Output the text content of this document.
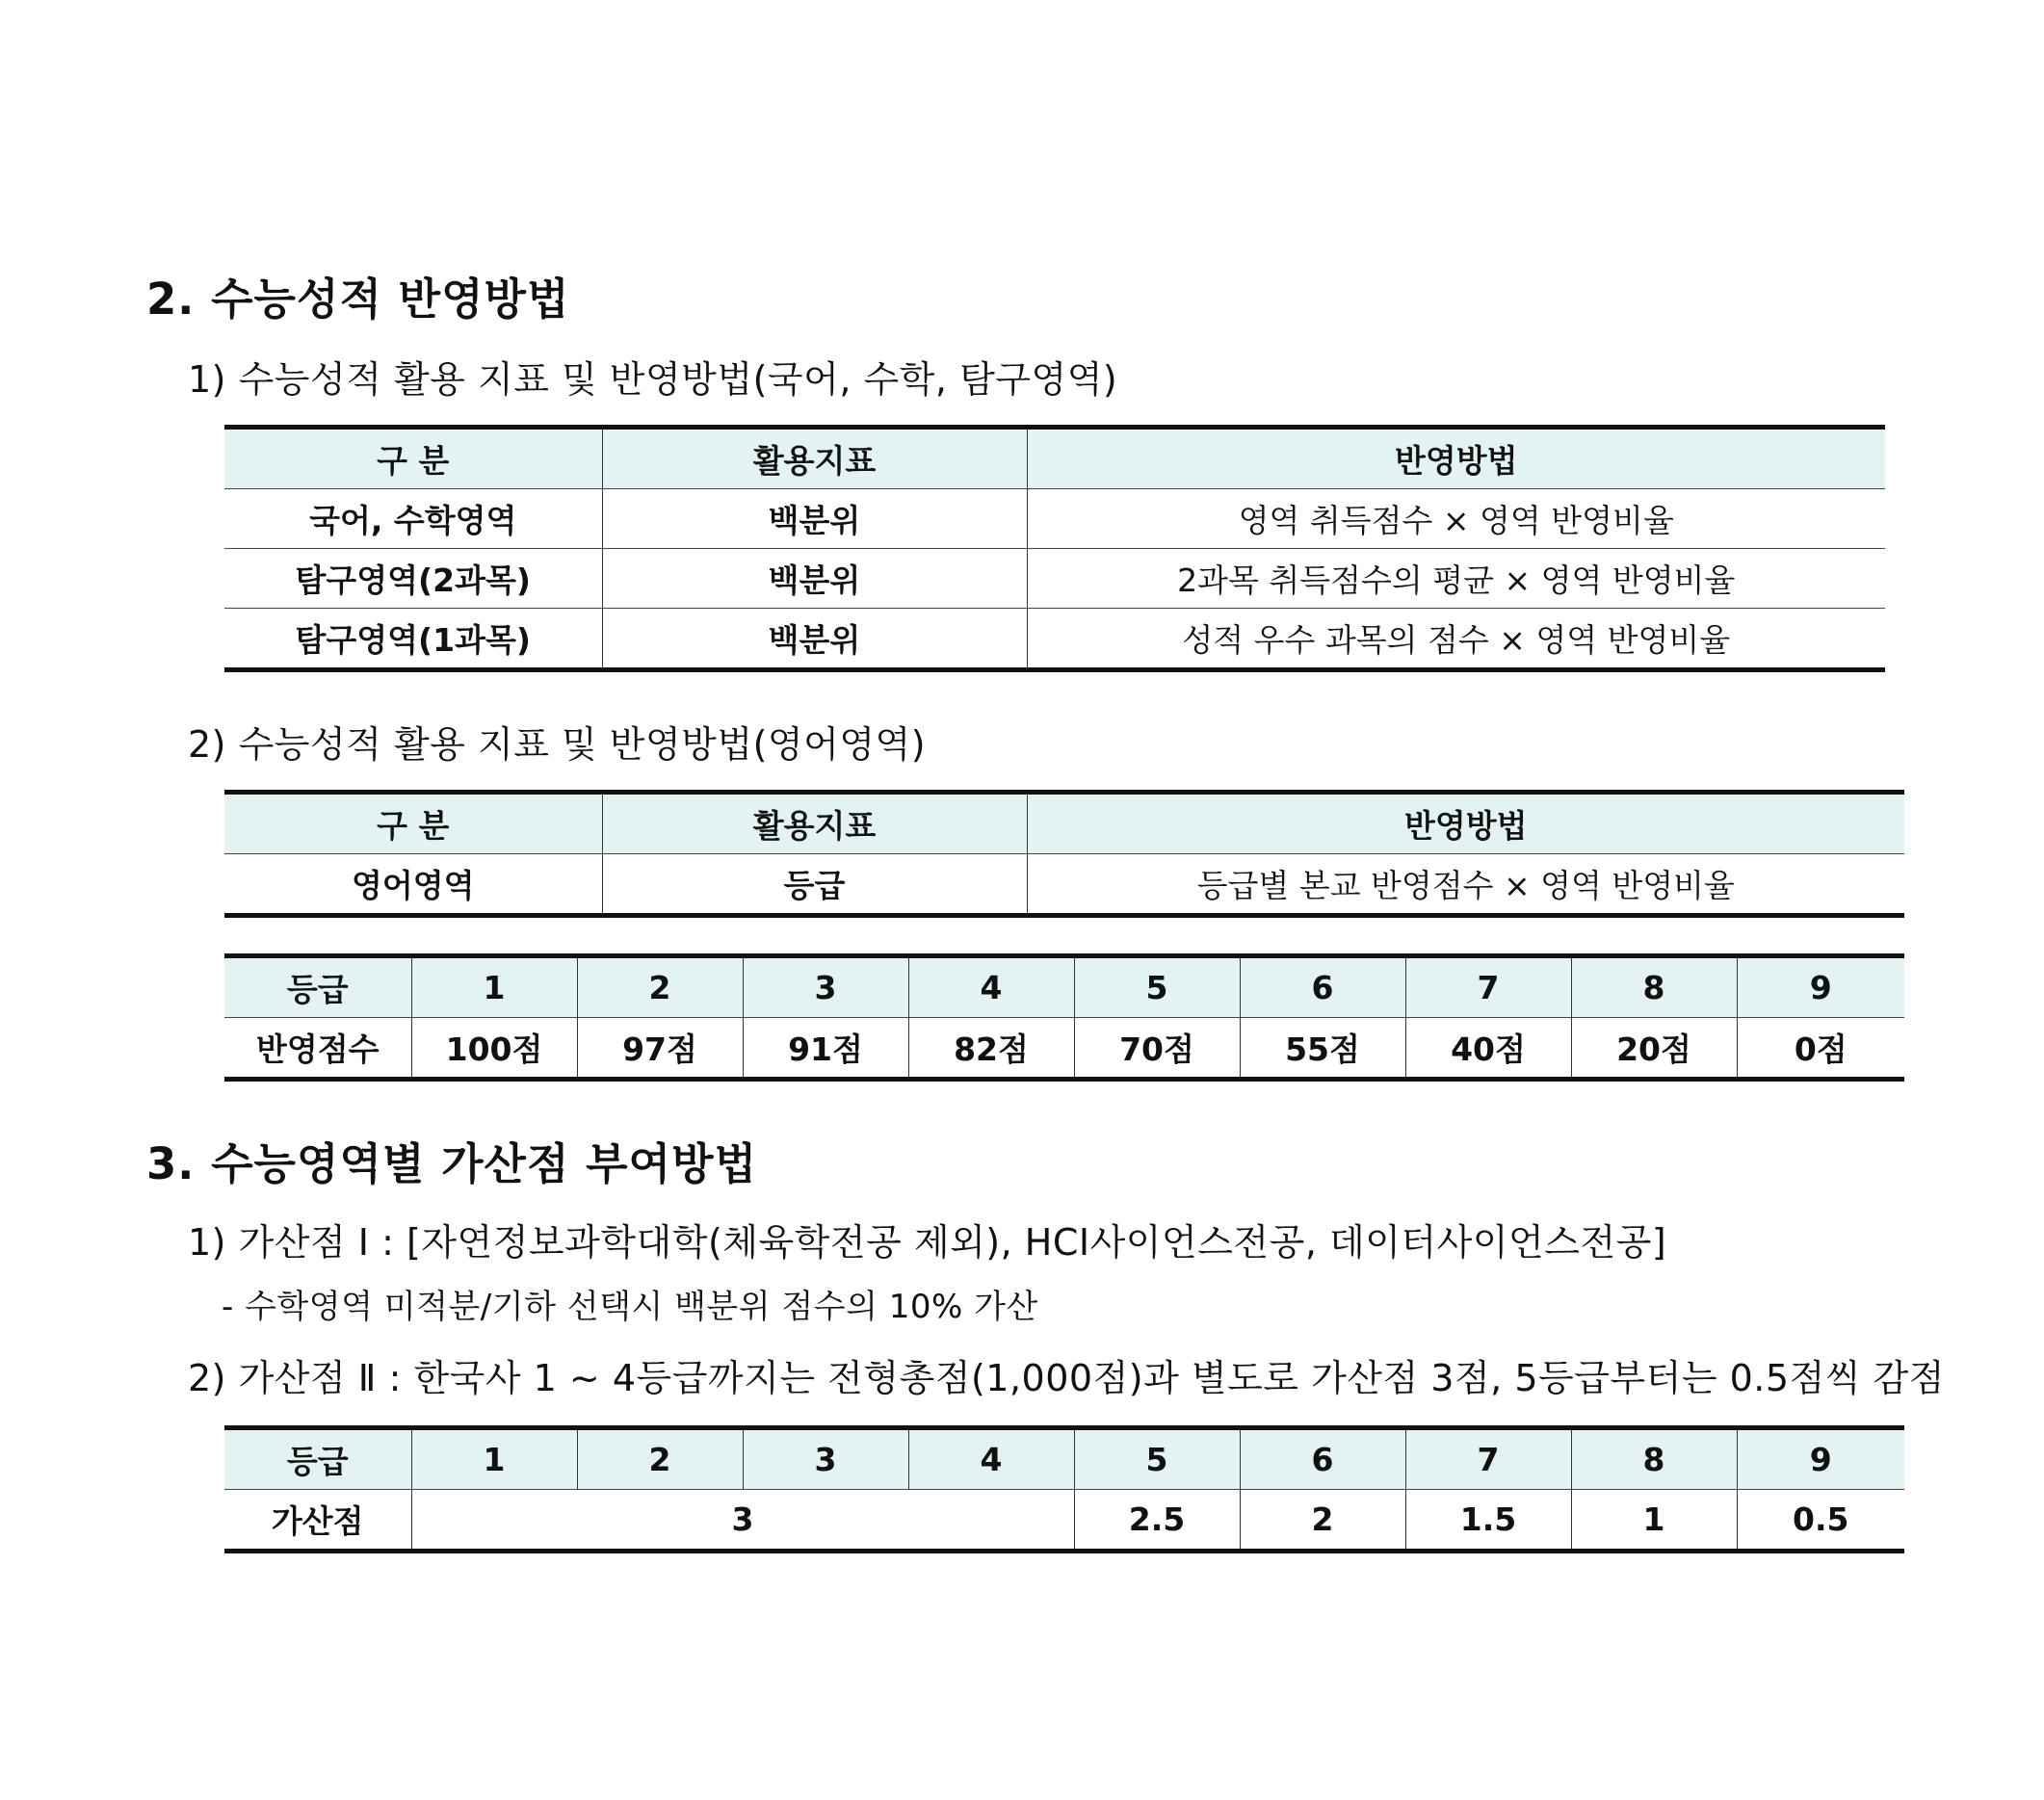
2. 수능성적 반영방법
1) 수능성적 활용 지표 및 반영방법(국어, 수학, 탐구영역)
구 분	활용지표	반영방법
국어, 수학영역	백분위	영역 취득점수 × 영역 반영비율
탐구영역(2과목)	백분위	2과목 취득점수의 평균 × 영역 반영비율
탐구영역(1과목)	백분위	성적 우수 과목의 점수 × 영역 반영비율
2) 수능성적 활용 지표 및 반영방법(영어영역)
구 분	활용지표	반영방법
영어영역	등급	등급별 본교 반영점수 × 영역 반영비율
등급	1	2	3	4	5	6	7	8	9
반영점수	100점	97점	91점	82점	70점	55점	40점	20점	0점
3. 수능영역별 가산점 부여방법
1) 가산점 Ⅰ : [자연정보과학대학(체육학전공 제외), HCI사이언스전공, 데이터사이언스전공]
- 수학영역 미적분/기하 선택시 백분위 점수의 10% 가산
2) 가산점 Ⅱ : 한국사 1 ~ 4등급까지는 전형총점(1,000점)과 별도로 가산점 3점, 5등급부터는 0.5점씩 감점
등급	1	2	3	4	5	6	7	8	9
가산점	3				2.5	2	1.5	1	0.5
